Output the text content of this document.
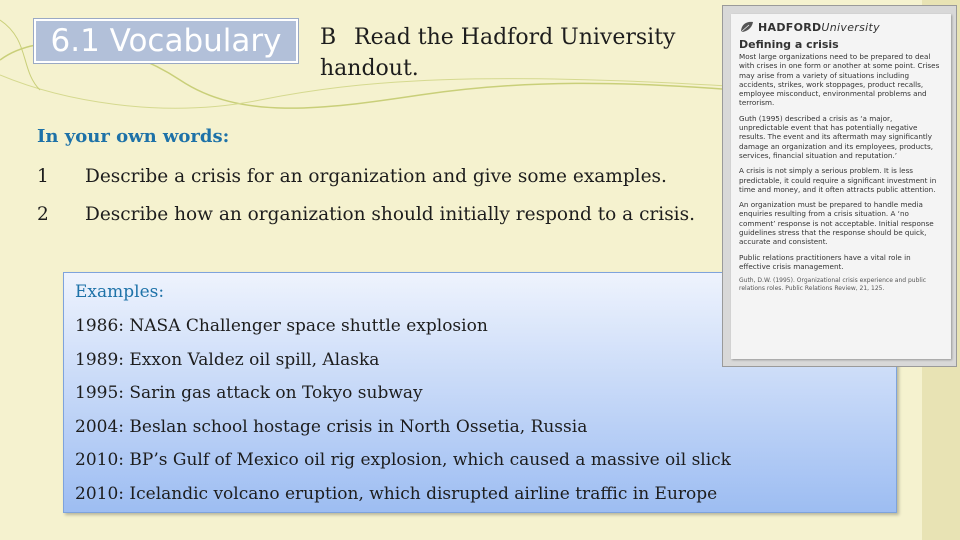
6.1 Vocabulary	B Read the Hadford University handout.
In your own words:
1 Describe a crisis for an organization and give some examples.
2 Describe how an organization should initially respond to a crisis.
Examples:
1986: NASA Challenger space shuttle explosion
1989: Exxon Valdez oil spill, Alaska
1995: Sarin gas attack on Tokyo subway
2004: Beslan school hostage crisis in North Ossetia, Russia
2010: BP’s Gulf of Mexico oil rig explosion, which caused a massive oil slick
2010: Icelandic volcano eruption, which disrupted airline traffic in Europe
HADFORDUniversity
Defining a crisis

Most large organizations need to be prepared to deal with crises in one form or another at some point. Crises may arise from a variety of situations including accidents, strikes, work stoppages, product recalls, employee misconduct, environmental problems and terrorism.

Guth (1995) described a crisis as ‘a major, unpredictable event that has potentially negative results. The event and its aftermath may significantly damage an organization and its employees, products, services, financial situation and reputation.’

A crisis is not simply a serious problem. It is less predictable, it could require a significant investment in time and money, and it often attracts public attention.

An organization must be prepared to handle media enquiries resulting from a crisis situation. A ‘no comment’ response is not acceptable. Initial response guidelines stress that the response should be quick, accurate and consistent.

Public relations practitioners have a vital role in effective crisis management.

Guth, D.W. (1995). Organizational crisis experience and public relations roles. Public Relations Review, 21, 125.
